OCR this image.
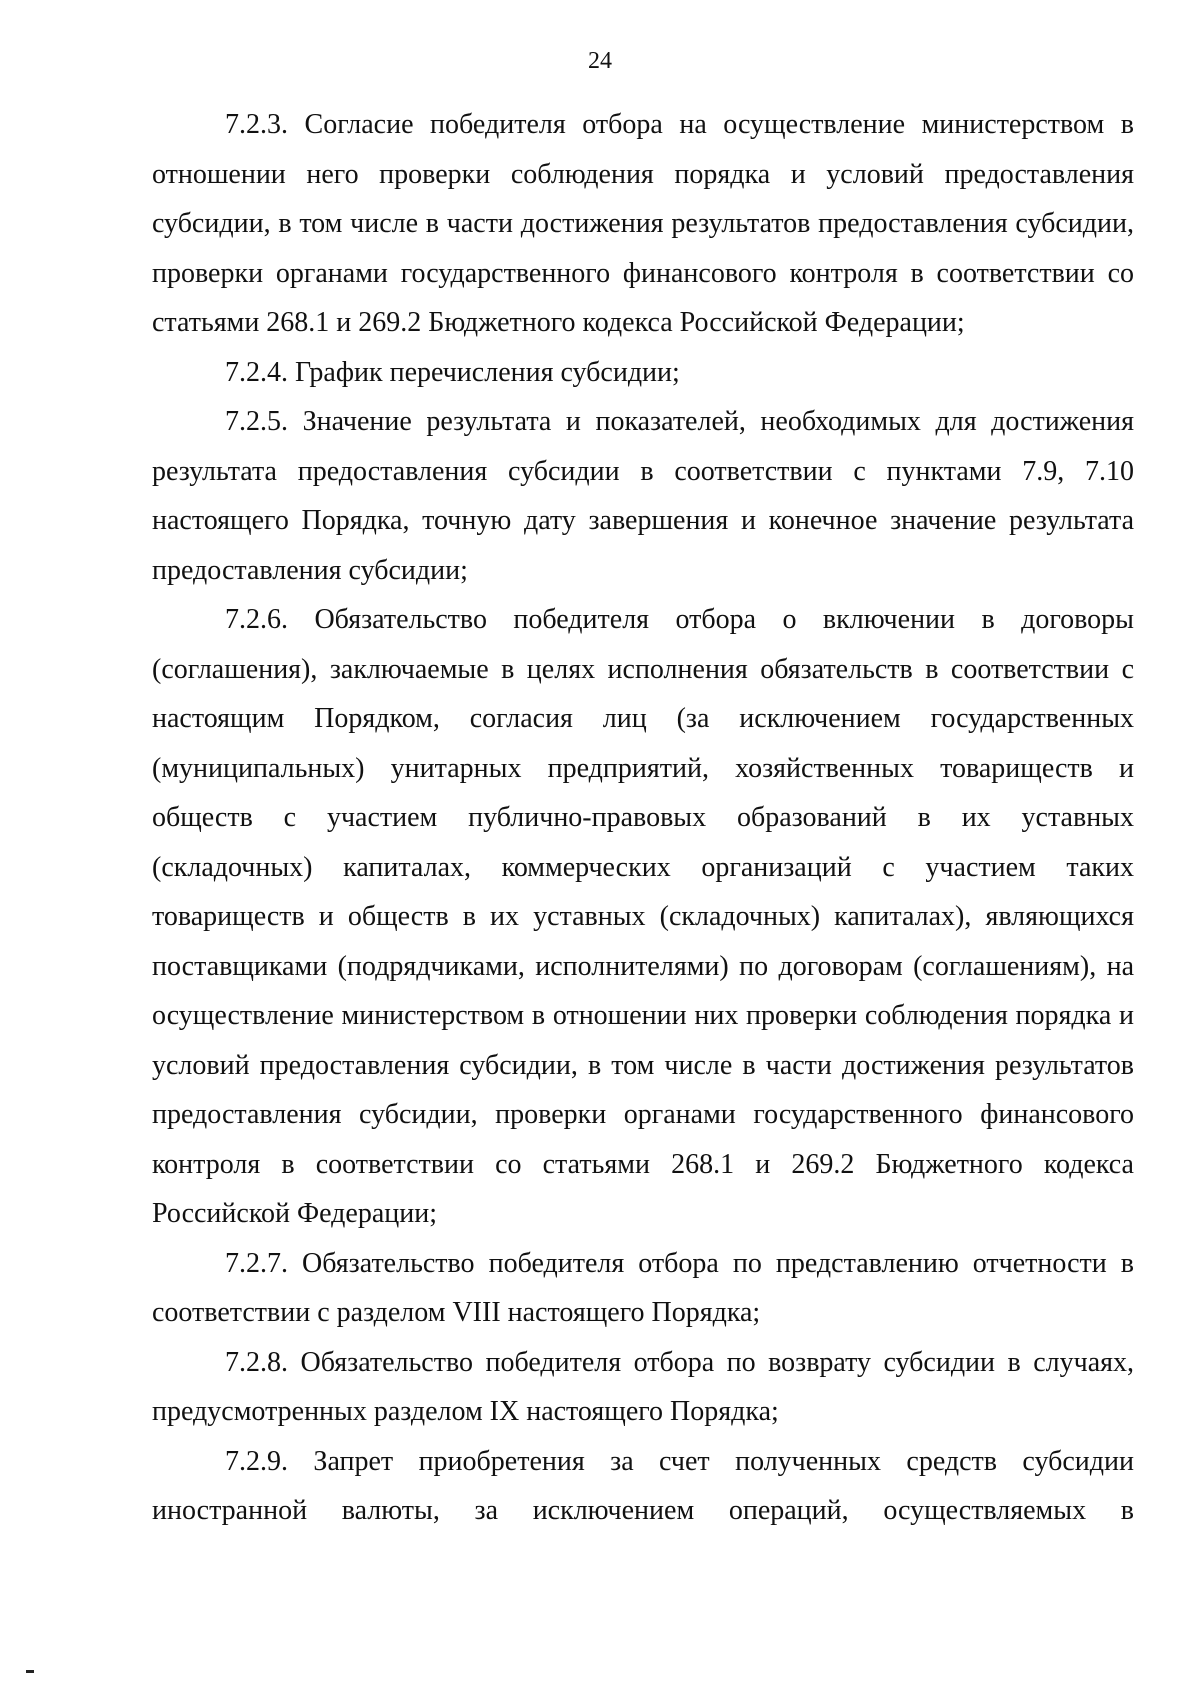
24

7.2.3. Согласие победителя отбора на осуществление министерством в отношении него проверки соблюдения порядка и условий предоставления субсидии, в том числе в части достижения результатов предоставления субсидии, проверки органами государственного финансового контроля в соответствии со статьями 268.1 и 269.2 Бюджетного кодекса Российской Федерации;

7.2.4. График перечисления субсидии;

7.2.5. Значение результата и показателей, необходимых для достижения результата предоставления субсидии в соответствии с пунктами 7.9, 7.10 настоящего Порядка, точную дату завершения и конечное значение результата предоставления субсидии;

7.2.6. Обязательство победителя отбора о включении в договоры (соглашения), заключаемые в целях исполнения обязательств в соответствии с настоящим Порядком, согласия лиц (за исключением государственных (муниципальных) унитарных предприятий, хозяйственных товариществ и обществ с участием публично-правовых образований в их уставных (складочных) капиталах, коммерческих организаций с участием таких товариществ и обществ в их уставных (складочных) капиталах), являющихся поставщиками (подрядчиками, исполнителями) по договорам (соглашениям), на осуществление министерством в отношении них проверки соблюдения порядка и условий предоставления субсидии, в том числе в части достижения результатов предоставления субсидии, проверки органами государственного финансового контроля в соответствии со статьями 268.1 и 269.2 Бюджетного кодекса Российской Федерации;

7.2.7. Обязательство победителя отбора по представлению отчетности в соответствии с разделом VIII настоящего Порядка;

7.2.8. Обязательство победителя отбора по возврату субсидии в случаях, предусмотренных разделом IX настоящего Порядка;

7.2.9. Запрет приобретения за счет полученных средств субсидии иностранной валюты, за исключением операций, осуществляемых в
